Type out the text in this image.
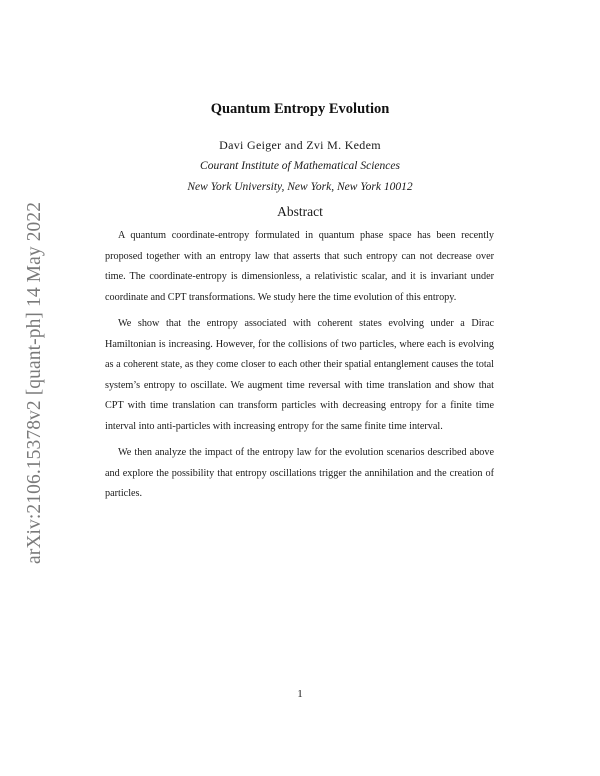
arXiv:2106.15378v2 [quant-ph] 14 May 2022
Quantum Entropy Evolution
Davi Geiger and Zvi M. Kedem
Courant Institute of Mathematical Sciences
New York University, New York, New York 10012
Abstract

A quantum coordinate-entropy formulated in quantum phase space has been recently proposed together with an entropy law that asserts that such entropy can not decrease over time. The coordinate-entropy is dimensionless, a relativistic scalar, and it is invariant under coordinate and CPT transformations. We study here the time evolution of this entropy.

We show that the entropy associated with coherent states evolving under a Dirac Hamiltonian is increasing. However, for the collisions of two particles, where each is evolving as a coherent state, as they come closer to each other their spatial entanglement causes the total system’s entropy to oscillate. We augment time reversal with time translation and show that CPT with time translation can transform particles with decreasing entropy for a finite time interval into anti-particles with increasing entropy for the same finite time interval.

We then analyze the impact of the entropy law for the evolution scenarios described above and explore the possibility that entropy oscillations trigger the annihilation and the creation of particles.

1
